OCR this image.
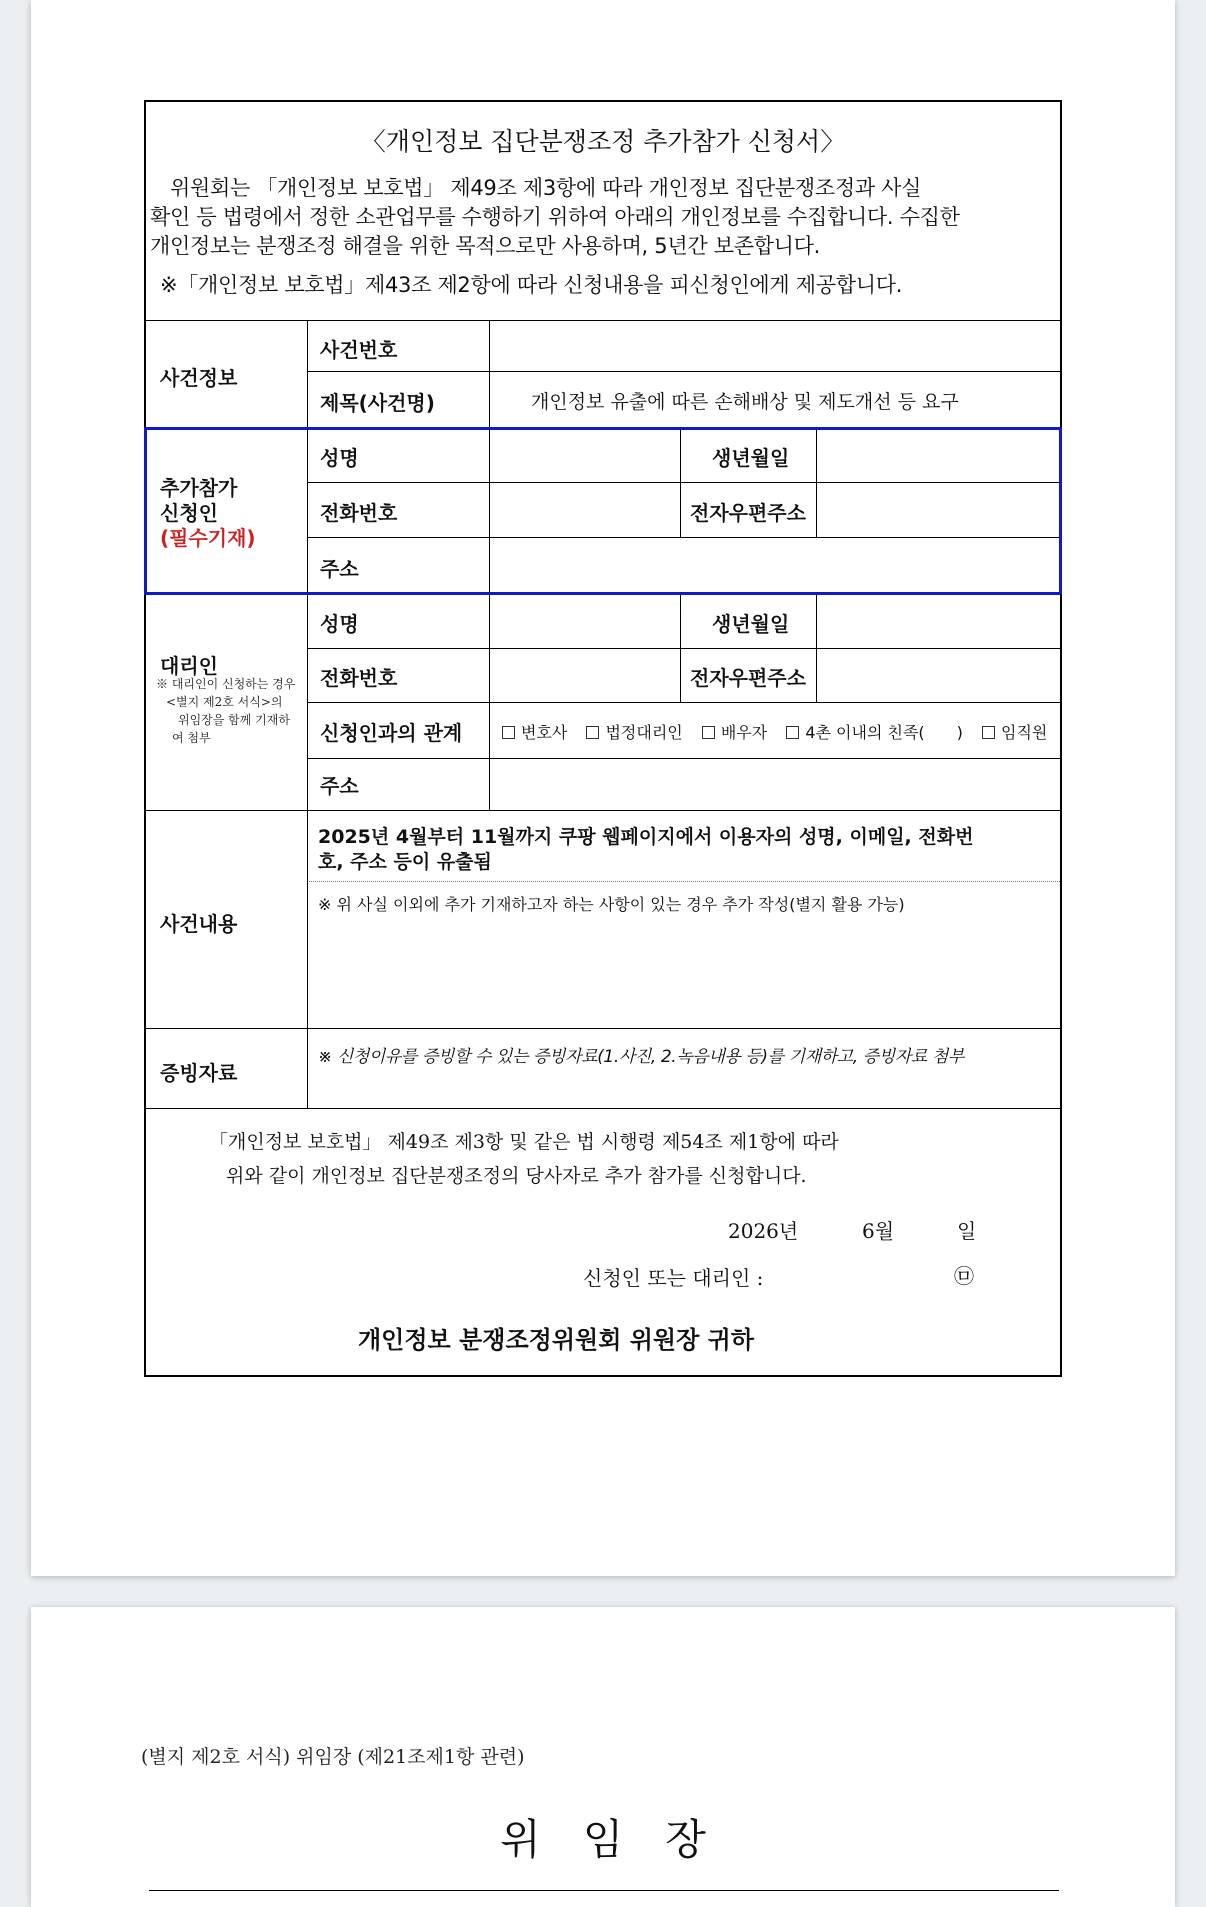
〈개인정보 집단분쟁조정 추가참가 신청서〉
위원회는 「개인정보 보호법」 제49조 제3항에 따라 개인정보 집단분쟁조정과 사실
확인 등 법령에서 정한 소관업무를 수행하기 위하여 아래의 개인정보를 수집합니다. 수집한
개인정보는 분쟁조정 해결을 위한 목적으로만 사용하며, 5년간 보존합니다.
※「개인정보 보호법」제43조 제2항에 따라 신청내용을 피신청인에게 제공합니다.
사건정보
사건번호
제목(사건명)	개인정보 유출에 따른 손해배상 및 제도개선 등 요구
추가참가
신청인
(필수기재)
성명	생년월일
전화번호	전자우편주소
주소
대리인
※ 대리인이 신청하는 경우
<별지 제2호 서식>의
위임장을 함께 기재하
여 첨부
성명	생년월일
전화번호	전자우편주소
신청인과의 관계	변호사 법정대리인 배우자 4촌 이내의 친족(　　) 임직원
주소
사건내용
2025년 4월부터 11월까지 쿠팡 웹페이지에서 이용자의 성명, 이메일, 전화번
호, 주소 등이 유출됨
※ 위 사실 이외에 추가 기재하고자 하는 사항이 있는 경우 추가 작성(별지 활용 가능)
증빙자료
※ 신청이유를 증빙할 수 있는 증빙자료(1.사진, 2.녹음내용 등)를 기재하고, 증빙자료 첨부
「개인정보 보호법」 제49조 제3항 및 같은 법 시행령 제54조 제1항에 따라
위와 같이 개인정보 집단분쟁조정의 당사자로 추가 참가를 신청합니다.
2026년	6월	일
신청인 또는 대리인 :	㉤
개인정보 분쟁조정위원회 위원장 귀하
(별지 제2호 서식) 위임장 (제21조제1항 관련)
위　임　장
